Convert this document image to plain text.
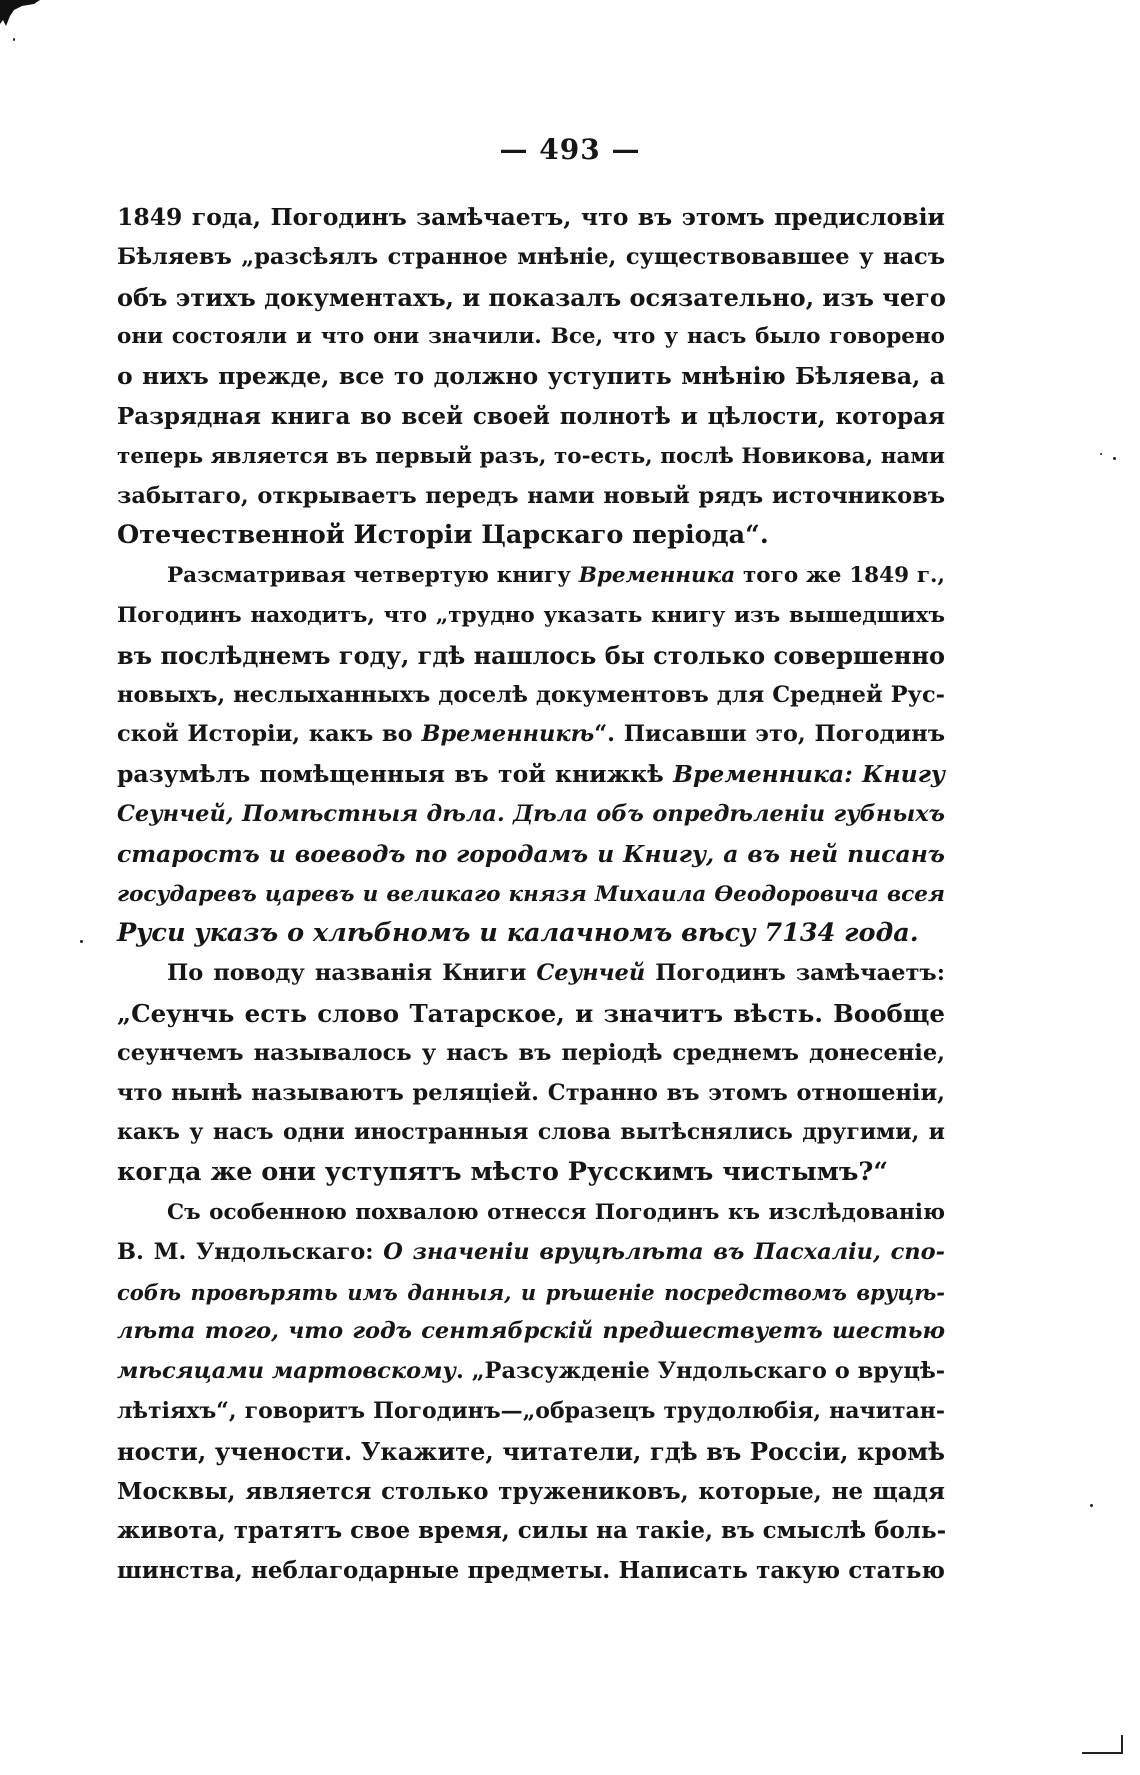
— 493 —
1849 года, Погодинъ замѣчаетъ, что въ этомъ предисловіи
Бѣляевъ „разсѣялъ странное мнѣніе, существовавшее у насъ
объ этихъ документахъ, и показалъ осязательно, изъ чего
они состояли и что они значили. Все, что у насъ было говорено
о нихъ прежде, все то должно уступить мнѣнію Бѣляева, а
Разрядная книга во всей своей полнотѣ и цѣлости, которая
теперь является въ первый разъ, то-есть, послѣ Новикова, нами
забытаго, открываетъ передъ нами новый рядъ источниковъ
Отечественной Исторіи Царскаго періода“.
Разсматривая четвертую книгу Временника того же 1849 г.,
Погодинъ находитъ, что „трудно указать книгу изъ вышедшихъ
въ послѣднемъ году, гдѣ нашлось бы столько совершенно
новыхъ, неслыханныхъ доселѣ документовъ для Средней Рус-
ской Исторіи, какъ во Временникѣ“. Писавши это, Погодинъ
разумѣлъ помѣщенныя въ той книжкѣ Временника: Книгу
Сеунчей, Помѣстныя дѣла. Дѣла объ опредѣленіи губныхъ
старостъ и воеводъ по городамъ и Книгу, а въ ней писанъ
государевъ царевъ и великаго князя Михаила Ѳеодоровича всея
Руси указъ о хлѣбномъ и калачномъ вѣсу 7134 года.
По поводу названія Книги Сеунчей Погодинъ замѣчаетъ:
„Сеунчь есть слово Татарское, и значитъ вѣсть. Вообще
сеунчемъ называлось у насъ въ періодѣ среднемъ донесеніе,
что нынѣ называютъ реляціей. Странно въ этомъ отношеніи,
какъ у насъ одни иностранныя слова вытѣснялись другими, и
когда же они уступятъ мѣсто Русскимъ чистымъ?“
Съ особенною похвалою отнесся Погодинъ къ изслѣдованію
В. М. Ундольскаго: О значеніи вруцѣлѣта въ Пасхаліи, спо-
собѣ провѣрять имъ данныя, и рѣшеніе посредствомъ вруцѣ-
лѣта того, что годъ сентябрскій предшествуетъ шестью
мѣсяцами мартовскому. „Разсужденіе Ундольскаго о вруцѣ-
лѣтіяхъ“, говоритъ Погодинъ—„образецъ трудолюбія, начитан-
ности, учености. Укажите, читатели, гдѣ въ Россіи, кромѣ
Москвы, является столько тружениковъ, которые, не щадя
живота, тратятъ свое время, силы на такіе, въ смыслѣ боль-
шинства, неблагодарные предметы. Написать такую статью
